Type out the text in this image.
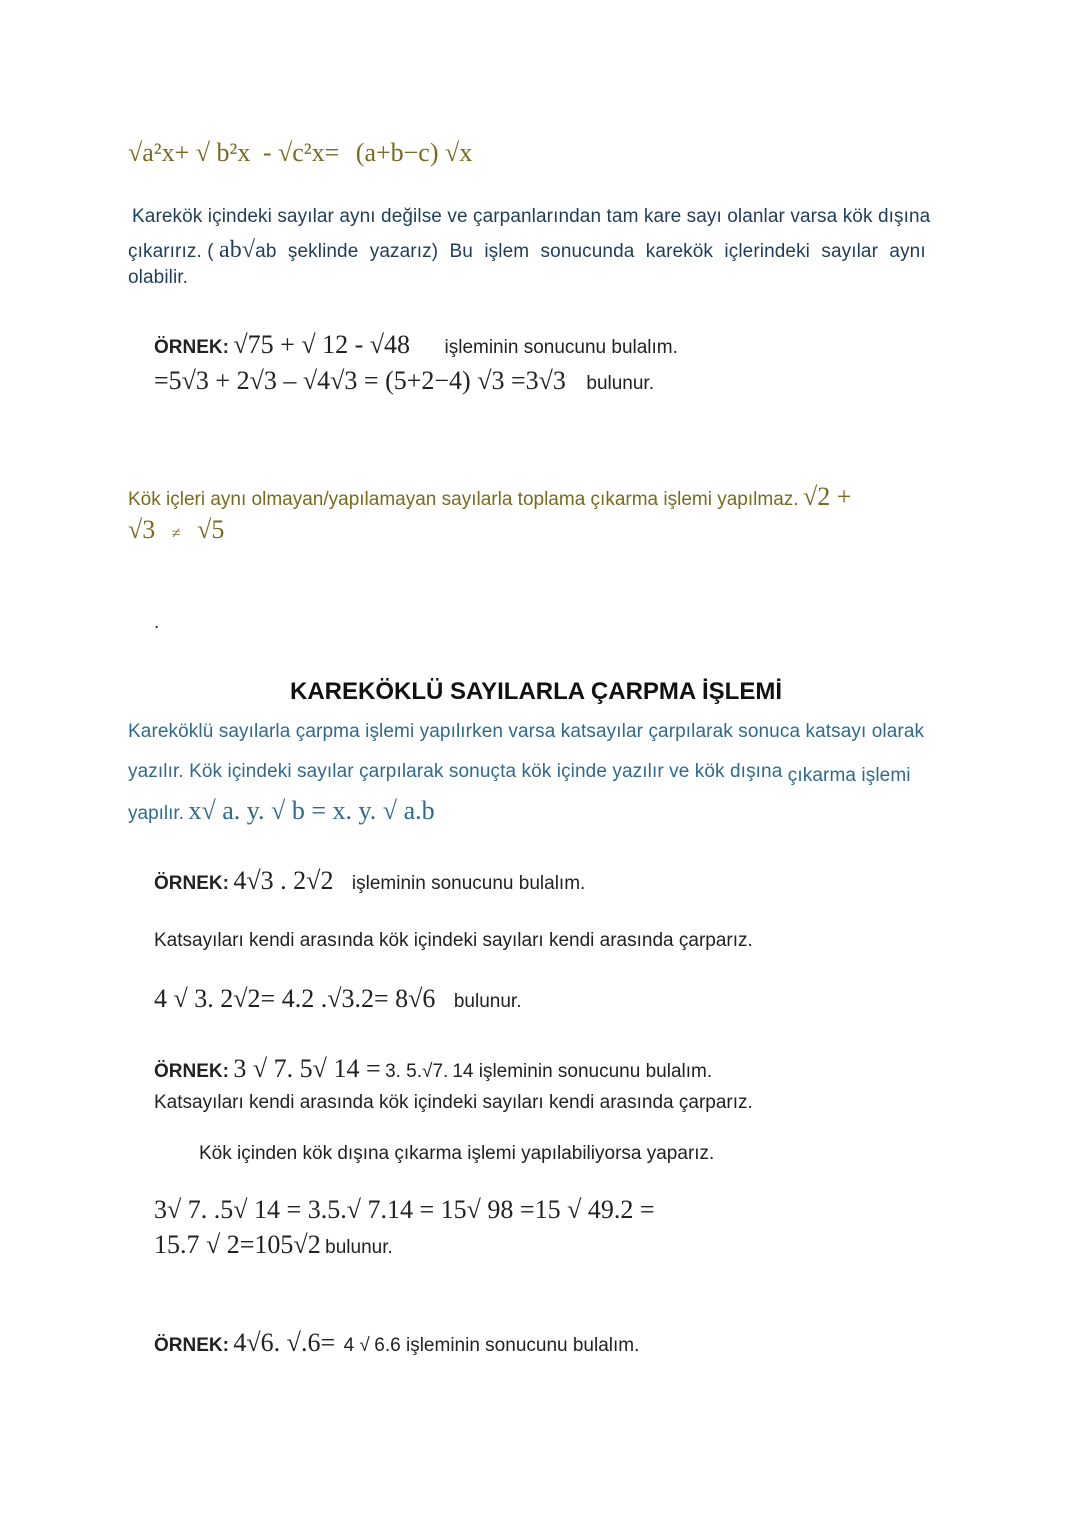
√a²x+ √ b²x - √c²x= (a+b−c) √x
Karekök içindeki sayılar aynı değilse ve çarpanlarından tam kare sayı olanlar varsa kök dışına
çıkarırız. ( ab√ab şeklinde yazarız) Bu işlem sonucunda karekök içlerindeki sayılar aynı
olabilir.
ÖRNEK: √75 + √ 12 - √48 işleminin sonucunu bulalım.
=5√3 + 2√3 – √4√3 = (5+2−4) √3 =3√3 bulunur.
Kök içleri aynı olmayan/yapılamayan sayılarla toplama çıkarma işlemi yapılmaz. √2 +
√3 ≠ √5
.
KAREKÖKLÜ SAYILARLA ÇARPMA İŞLEMİ
Kareköklü sayılarla çarpma işlemi yapılırken varsa katsayılar çarpılarak sonuca katsayı olarak
yazılır. Kök içindeki sayılar çarpılarak sonuçta kök içinde yazılır ve kök dışına çıkarma işlemi
yapılır. x√ a. y. √ b = x. y. √ a.b
ÖRNEK: 4√3 . 2√2 işleminin sonucunu bulalım.
Katsayıları kendi arasında kök içindeki sayıları kendi arasında çarparız.
4 √ 3. 2√2= 4.2 .√3.2= 8√6 bulunur.
ÖRNEK: 3 √ 7. 5√ 14 = 3. 5.√7. 14 işleminin sonucunu bulalım.
Katsayıları kendi arasında kök içindeki sayıları kendi arasında çarparız.
Kök içinden kök dışına çıkarma işlemi yapılabiliyorsa yaparız.
3√ 7. .5√ 14 = 3.5.√ 7.14 = 15√ 98 =15 √ 49.2 =
15.7 √ 2=105√2 bulunur.
ÖRNEK: 4√6. √.6= 4 √ 6.6 işleminin sonucunu bulalım.
